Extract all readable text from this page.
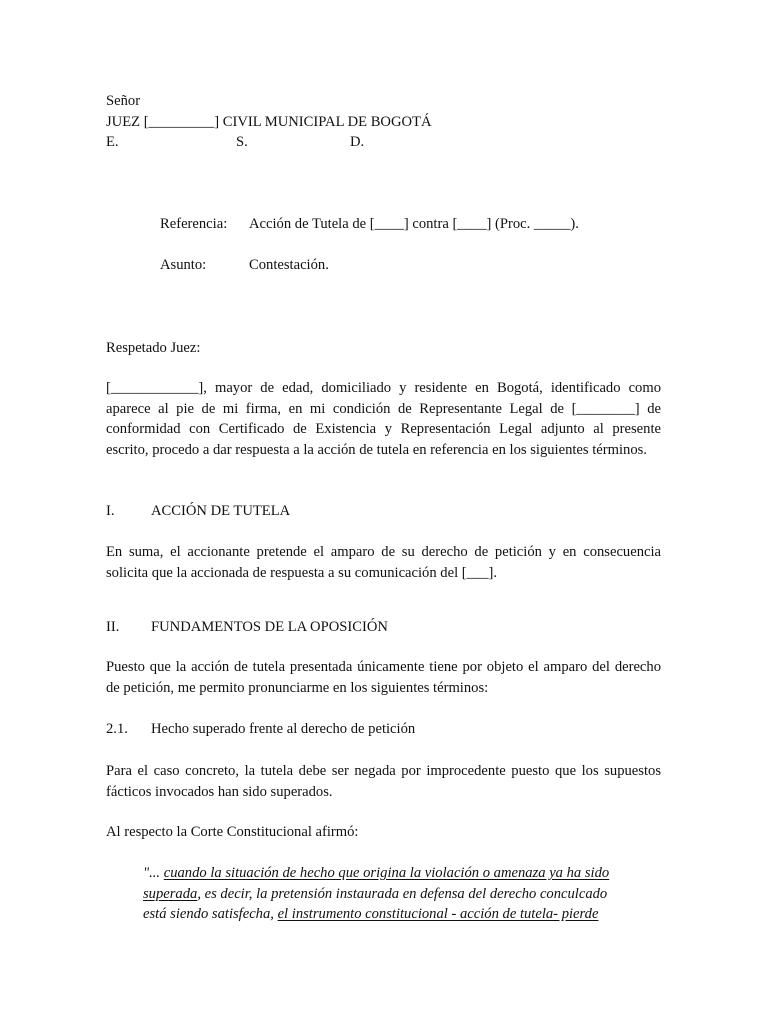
Señor
JUEZ [_________] CIVIL MUNICIPAL DE BOGOTÁ
E.	S.	D.
Referencia: Acción de Tutela de [____] contra [____] (Proc. _____).
Asunto:	Contestación.
Respetado Juez:
[____________], mayor de edad, domiciliado y residente en Bogotá, identificado como
aparece al pie de mi firma, en mi condición de Representante Legal de [________] de
conformidad con Certificado de Existencia y Representación Legal adjunto al presente
escrito, procedo a dar respuesta a la acción de tutela en referencia en los siguientes términos.
I. ACCIÓN DE TUTELA
En suma, el accionante pretende el amparo de su derecho de petición y en consecuencia
solicita que la accionada de respuesta a su comunicación del [___].
II. FUNDAMENTOS DE LA OPOSICIÓN
Puesto que la acción de tutela presentada únicamente tiene por objeto el amparo del derecho
de petición, me permito pronunciarme en los siguientes términos:
2.1. Hecho superado frente al derecho de petición
Para el caso concreto, la tutela debe ser negada por improcedente puesto que los supuestos
fácticos invocados han sido superados.
Al respecto la Corte Constitucional afirmó:
"... cuando la situación de hecho que origina la violación o amenaza ya ha sido
superada, es decir, la pretensión instaurada en defensa del derecho conculcado
está siendo satisfecha, el instrumento constitucional - acción de tutela- pierde
